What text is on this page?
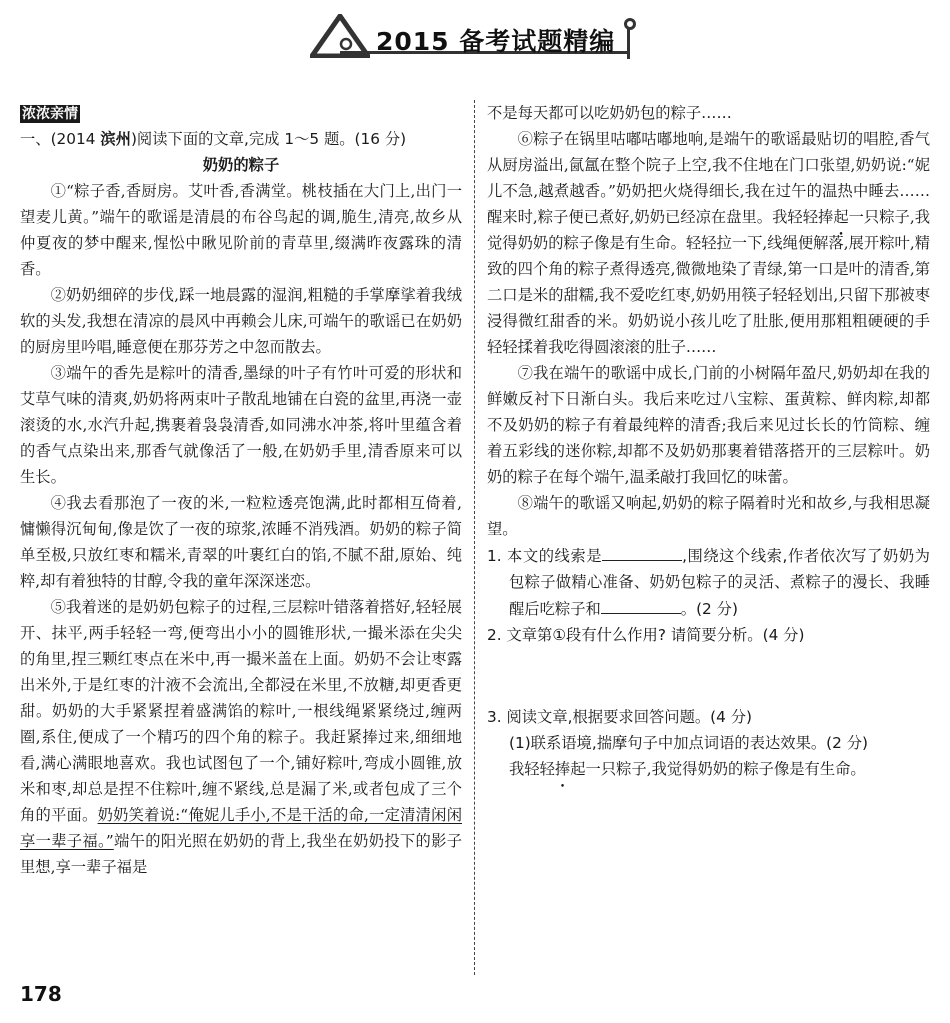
2015 备考试题精编
浓浓亲情

一、(2014 滨州)阅读下面的文章,完成 1～5 题。(16 分)

奶奶的粽子

①“粽子香,香厨房。艾叶香,香满堂。桃枝插在大门上,出门一望麦儿黄。”端午的歌谣是清晨的布谷鸟起的调,脆生,清亮,故乡从仲夏夜的梦中醒来,惺忪中瞅见阶前的青草里,缀满昨夜露珠的清香。

②奶奶细碎的步伐,踩一地晨露的湿润,粗糙的手掌摩挲着我绒软的头发,我想在清凉的晨风中再赖会儿床,可端午的歌谣已在奶奶的厨房里吟唱,睡意便在那芬芳之中忽而散去。

③端午的香先是粽叶的清香,墨绿的叶子有竹叶可爱的形状和艾草气味的清爽,奶奶将两束叶子散乱地铺在白瓷的盆里,再浇一壶滚烫的水,水汽升起,携裹着袅袅清香,如同沸水冲茶,将叶里蕴含着的香气点染出来,那香气就像活了一般,在奶奶手里,清香原来可以生长。

④我去看那泡了一夜的米,一粒粒透亮饱满,此时都相互倚着,慵懒得沉甸甸,像是饮了一夜的琼浆,浓睡不消残酒。奶奶的粽子简单至极,只放红枣和糯米,青翠的叶裹红白的馅,不腻不甜,原始、纯粹,却有着独特的甘醇,令我的童年深深迷恋。

⑤我着迷的是奶奶包粽子的过程,三层粽叶错落着搭好,轻轻展开、抹平,两手轻轻一弯,便弯出小小的圆锥形状,一撮米添在尖尖的角里,捏三颗红枣点在米中,再一撮米盖在上面。奶奶不会让枣露出米外,于是红枣的汁液不会流出,全都浸在米里,不放糖,却更香更甜。奶奶的大手紧紧捏着盛满馅的粽叶,一根线绳紧紧绕过,缠两圈,系住,便成了一个精巧的四个角的粽子。我赶紧捧过来,细细地看,满心满眼地喜欢。我也试图包了一个,铺好粽叶,弯成小圆锥,放米和枣,却总是捏不住粽叶,缠不紧线,总是漏了米,或者包成了三个角的平面。奶奶笑着说:“俺妮儿手小,不是干活的命,一定清清闲闲享一辈子福。”端午的阳光照在奶奶的背上,我坐在奶奶投下的影子里想,享一辈子福是

不是每天都可以吃奶奶包的粽子……

⑥粽子在锅里咕嘟咕嘟地响,是端午的歌谣最贴切的唱腔,香气从厨房溢出,氤氲在整个院子上空,我不住地在门口张望,奶奶说:“妮儿不急,越煮越香。”奶奶把火烧得细长,我在过午的温热中睡去……醒来时,粽子便已煮好,奶奶已经凉在盘里。我轻轻捧起一只粽子,我觉得奶奶的粽子像是有生命。轻轻拉一下,线绳便解落,展开粽叶,精致的四个角的粽子煮得透亮,微微地染了青绿,第一口是叶的清香,第二口是米的甜糯,我不爱吃红枣,奶奶用筷子轻轻划出,只留下那被枣浸得微红甜香的米。奶奶说小孩儿吃了肚胀,便用那粗粗硬硬的手轻轻揉着我吃得圆滚滚的肚子……

⑦我在端午的歌谣中成长,门前的小树隔年盈尺,奶奶却在我的鲜嫩反衬下日渐白头。我后来吃过八宝粽、蛋黄粽、鲜肉粽,却都不及奶奶的粽子有着最纯粹的清香;我后来见过长长的竹筒粽、缠着五彩线的迷你粽,却都不及奶奶那裹着错落搭开的三层粽叶。奶奶的粽子在每个端午,温柔敲打我回忆的味蕾。

⑧端午的歌谣又响起,奶奶的粽子隔着时光和故乡,与我相思凝望。

1. 本文的线索是	,围绕这个线索,作者依次写了奶奶为包粽子做精心准备、奶奶包粽子的灵活、煮粽子的漫长、我睡醒后吃粽子和	。(2 分)

2. 文章第①段有什么作用? 请简要分析。(4 分)

3. 阅读文章,根据要求回答问题。(4 分)

(1)联系语境,揣摩句子中加点词语的表达效果。(2 分)

我轻轻捧起一只粽子,我觉得奶奶的粽子像是有生命。

178
